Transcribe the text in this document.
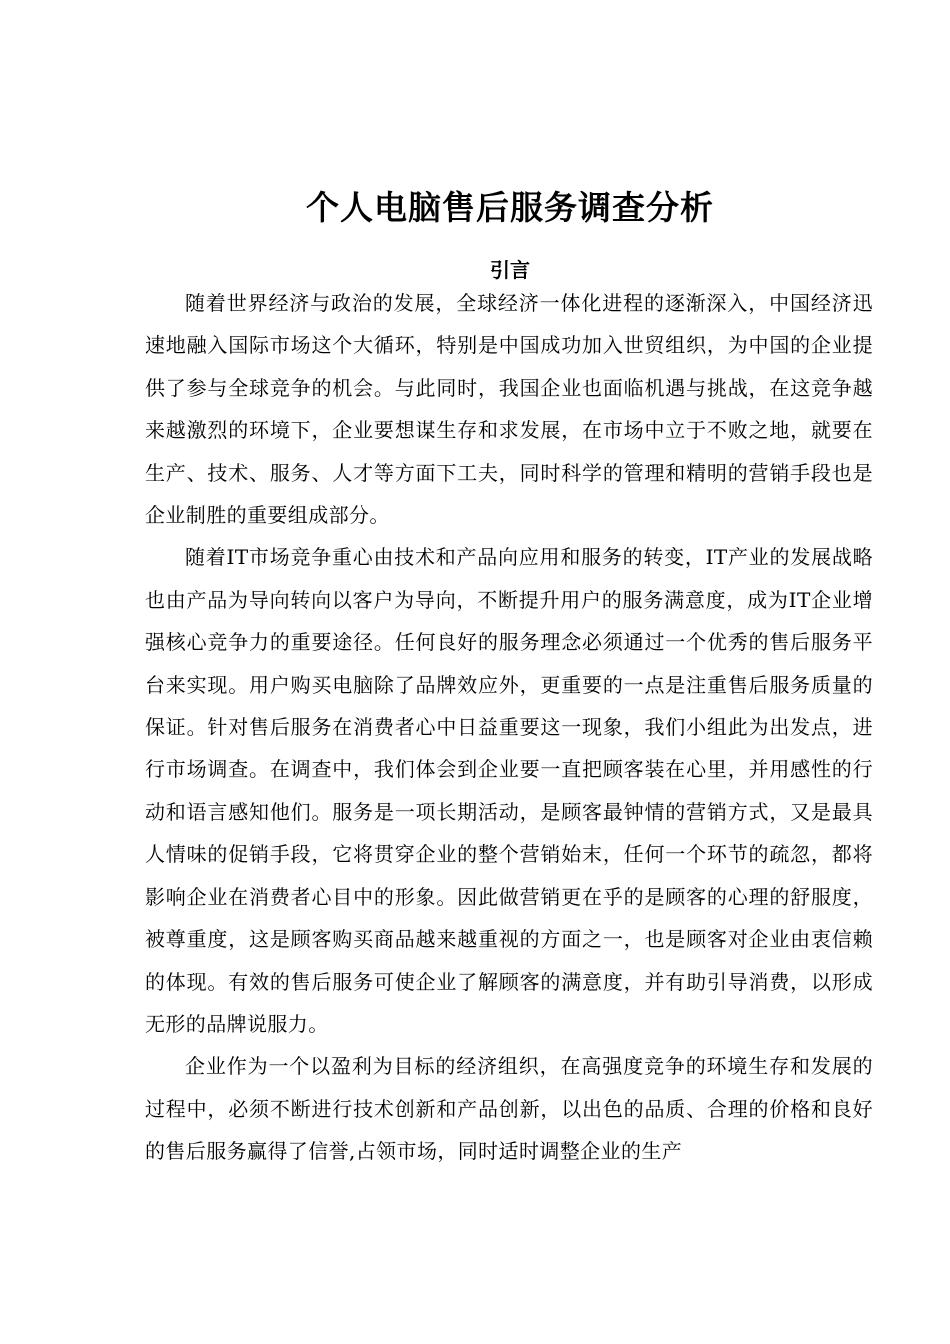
个人电脑售后服务调查分析
引言

随着世界经济与政治的发展，全球经济一体化进程的逐渐深入，中国经济迅速地融入国际市场这个大循环，特别是中国成功加入世贸组织，为中国的企业提供了参与全球竞争的机会。与此同时，我国企业也面临机遇与挑战，在这竞争越来越激烈的环境下，企业要想谋生存和求发展，在市场中立于不败之地，就要在生产、技术、服务、人才等方面下工夫，同时科学的管理和精明的营销手段也是企业制胜的重要组成部分。

随着IT市场竞争重心由技术和产品向应用和服务的转变，IT产业的发展战略也由产品为导向转向以客户为导向，不断提升用户的服务满意度，成为IT企业增强核心竞争力的重要途径。任何良好的服务理念必须通过一个优秀的售后服务平台来实现。用户购买电脑除了品牌效应外，更重要的一点是注重售后服务质量的保证。针对售后服务在消费者心中日益重要这一现象，我们小组此为出发点，进行市场调查。在调查中，我们体会到企业要一直把顾客装在心里，并用感性的行动和语言感知他们。服务是一项长期活动，是顾客最钟情的营销方式，又是最具人情味的促销手段，它将贯穿企业的整个营销始末，任何一个环节的疏忽，都将影响企业在消费者心目中的形象。因此做营销更在乎的是顾客的心理的舒服度，被尊重度，这是顾客购买商品越来越重视的方面之一，也是顾客对企业由衷信赖的体现。有效的售后服务可使企业了解顾客的满意度，并有助引导消费，以形成无形的品牌说服力。

企业作为一个以盈利为目标的经济组织，在高强度竞争的环境生存和发展的过程中，必须不断进行技术创新和产品创新，以出色的品质、合理的价格和良好的售后服务赢得了信誉,占领市场，同时适时调整企业的生产
